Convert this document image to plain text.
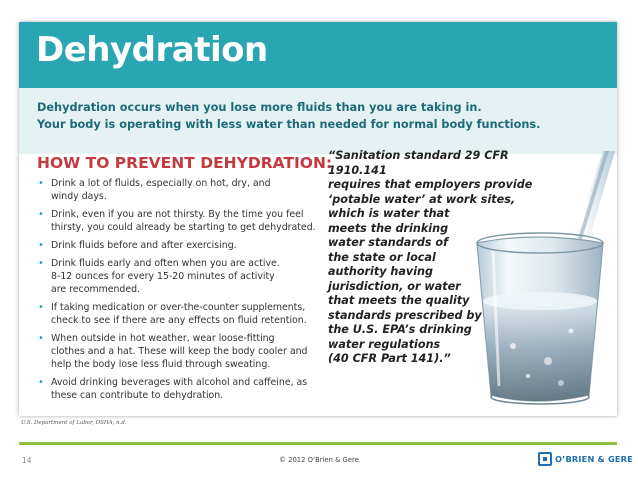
Dehydration

Dehydration occurs when you lose more fluids than you are taking in.
Your body is operating with less water than needed for normal body functions.

HOW TO PREVENT DEHYDRATION:
• Drink a lot of fluids, especially on hot, dry, and
windy days.
• Drink, even if you are not thirsty. By the time you feel
thirsty, you could already be starting to get dehydrated.
• Drink fluids before and after exercising.
• Drink fluids early and often when you are active.
8-12 ounces for every 15-20 minutes of activity
are recommended.
• If taking medication or over-the-counter supplements,
check to see if there are any effects on fluid retention.
• When outside in hot weather, wear loose-fitting
clothes and a hat. These will keep the body cooler and
help the body lose less fluid through sweating.
• Avoid drinking beverages with alcohol and caffeine, as
these can contribute to dehydration.
“Sanitation standard 29 CFR 1910.141
requires that employers provide
‘potable water’ at work sites,
which is water that
meets the drinking
water standards of
the state or local
authority having
jurisdiction, or water
that meets the quality
standards prescribed by
the U.S. EPA’s drinking
water regulations
(40 CFR Part 141).”
U.S. Department of Labor, OSHA, n.d.
14	© 2012 O’Brien & Gere	O’BRIEN & GERE
